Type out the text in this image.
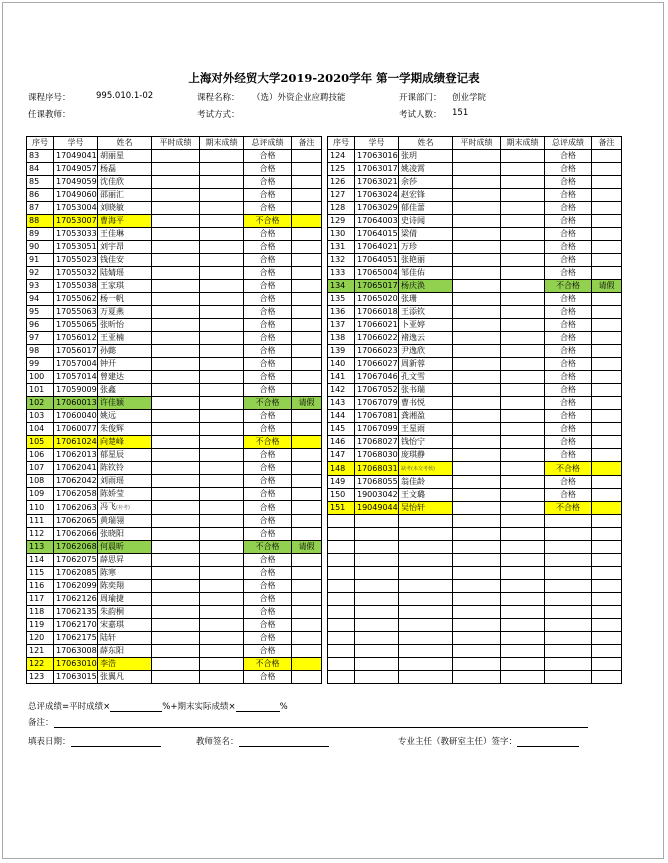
上海对外经贸大学2019-2020学年 第一学期成绩登记表
课程序号：	995.010.1-02	课程名称： （选）外资企业应聘技能	开课部门： 创业学院
任课教师：	考试方式：	考试人数： 151
序号	学号	姓名	平时成绩	期末成绩	总评成绩	备注
83	17049041	胡丽星			合格	
84	17049057	杨磊			合格	
85	17049059	沈佳欣			合格	
86	17049060	邵丽汇			合格	
87	17053004	刘晓敏			合格	
88	17053007	曹海平			不合格	
89	17053033	王佳琳			合格	
90	17053051	刘宇昂			合格	
91	17055023	钱佳安			合格	
92	17055032	陆婧瑶			合格	
93	17055038	王家琪			合格	
94	17055062	杨一帆			合格	
95	17055063	万夏燕			合格	
96	17055065	张昕怡			合格	
97	17056012	王亚楠			合格	
98	17056017	孙懿			合格	
99	17057004	钟开			合格	
100	17057014	曾建达			合格	
101	17059009	张鑫			合格	
102	17060013	许佳颖			不合格	请假
103	17060040	姚远			合格	
104	17060077	朱俊辉			合格	
105	17061024	向楚峰			不合格	
106	17062013	郁星辰			合格	
107	17062041	陈钦铃			合格	
108	17062042	刘雨瑶			合格	
109	17062058	陈娇莹			合格	
110	17062063	冯飞(补考)			合格	
111	17062065	黄瑞翎			合格	
112	17062066	张晓阳			合格	
113	17062068	何晨昕			不合格	请假
114	17062075	薛思昇			合格	
115	17062085	陈寒			合格	
116	17062099	陈奕翔			合格	
117	17062126	周瑜捷			合格	
118	17062135	朱韵桐			合格	
119	17062170	宋嘉琪			合格	
120	17062175	陆轩			合格	
121	17063008	薛东阳			合格	
122	17063010	李浩			不合格	
123	17063015	张翼凡			合格	
序号	学号	姓名	平时成绩	期末成绩	总评成绩	备注
124	17063016	张玥			合格	
125	17063017	姚凌霄			合格	
126	17063021	余莎			合格	
127	17063024	赵宏锋			合格	
128	17063029	郁佳蕾			合格	
129	17064003	史诗闻			合格	
130	17064015	梁倩			合格	
131	17064021	万珍			合格	
132	17064051	张艳丽			合格	
133	17065004	邹佳佑			合格	
134	17065017	杨庆涣			不合格	请假
135	17065020	张珊			合格	
136	17066018	王添钦			合格	
137	17066021	卜亚婷			合格	
138	17066022	褚逸云			合格	
139	17066023	尹逸欣			合格	
140	17066027	周新蓉			合格	
141	17067046	孔文雪			合格	
142	17067052	张书瑞			合格	
143	17067079	曹书悦			合格	
144	17067081	龚湘盈			合格	
145	17067099	王星雨			合格	
146	17068027	钱怡宁			合格	
147	17068030	庞琪静			合格	
148	17068031	缺考(未交考核)			不合格	
149	17068055	翁佳龄			合格	
150	19003042	王文璐			合格	
151	19049044	吴怡轩			不合格	

总评成绩=平时成绩×	%+期末实际成绩×	%
备注：
填表日期：	教师签名：	专业主任（教研室主任）签字：
